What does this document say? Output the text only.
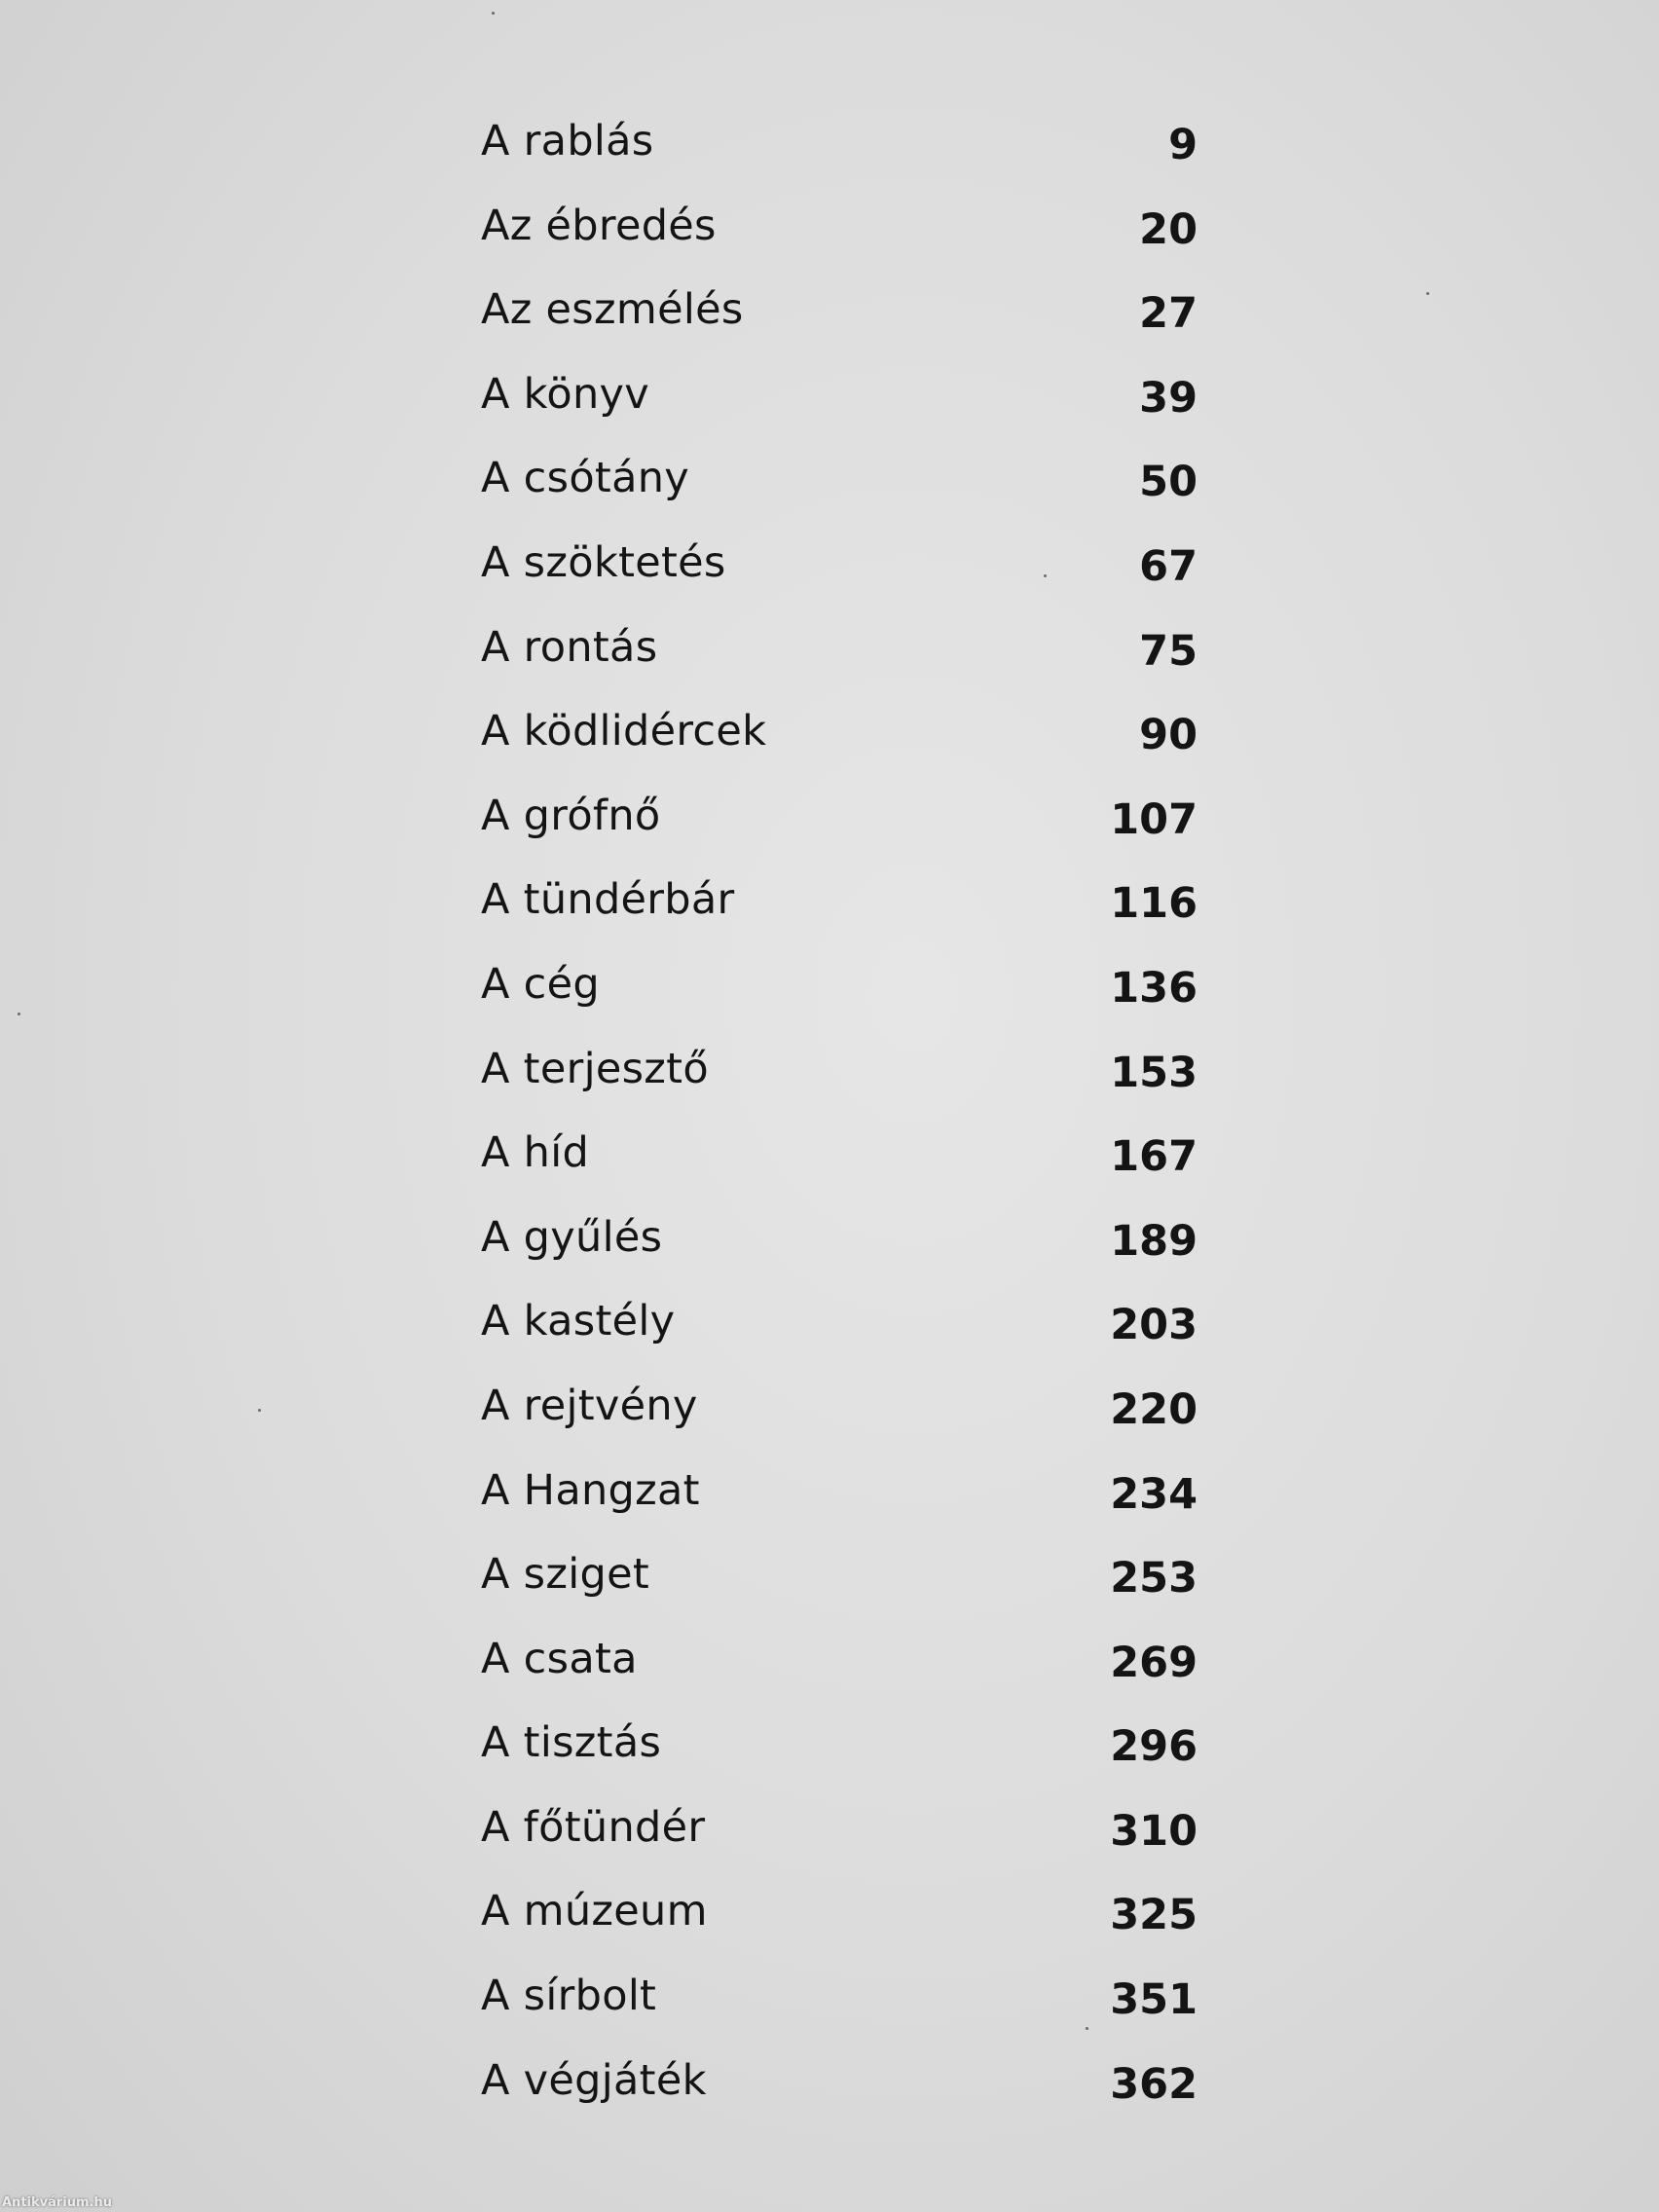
A rablás	9
Az ébredés	20
Az eszmélés	27
A könyv	39
A csótány	50
A szöktetés	67
A rontás	75
A ködlidércek	90
A grófnő	107
A tündérbár	116
A cég	136
A terjesztő	153
A híd	167
A gyűlés	189
A kastély	203
A rejtvény	220
A Hangzat	234
A sziget	253
A csata	269
A tisztás	296
A főtündér	310
A múzeum	325
A sírbolt	351
A végjáték	362
Antikvárium.hu
